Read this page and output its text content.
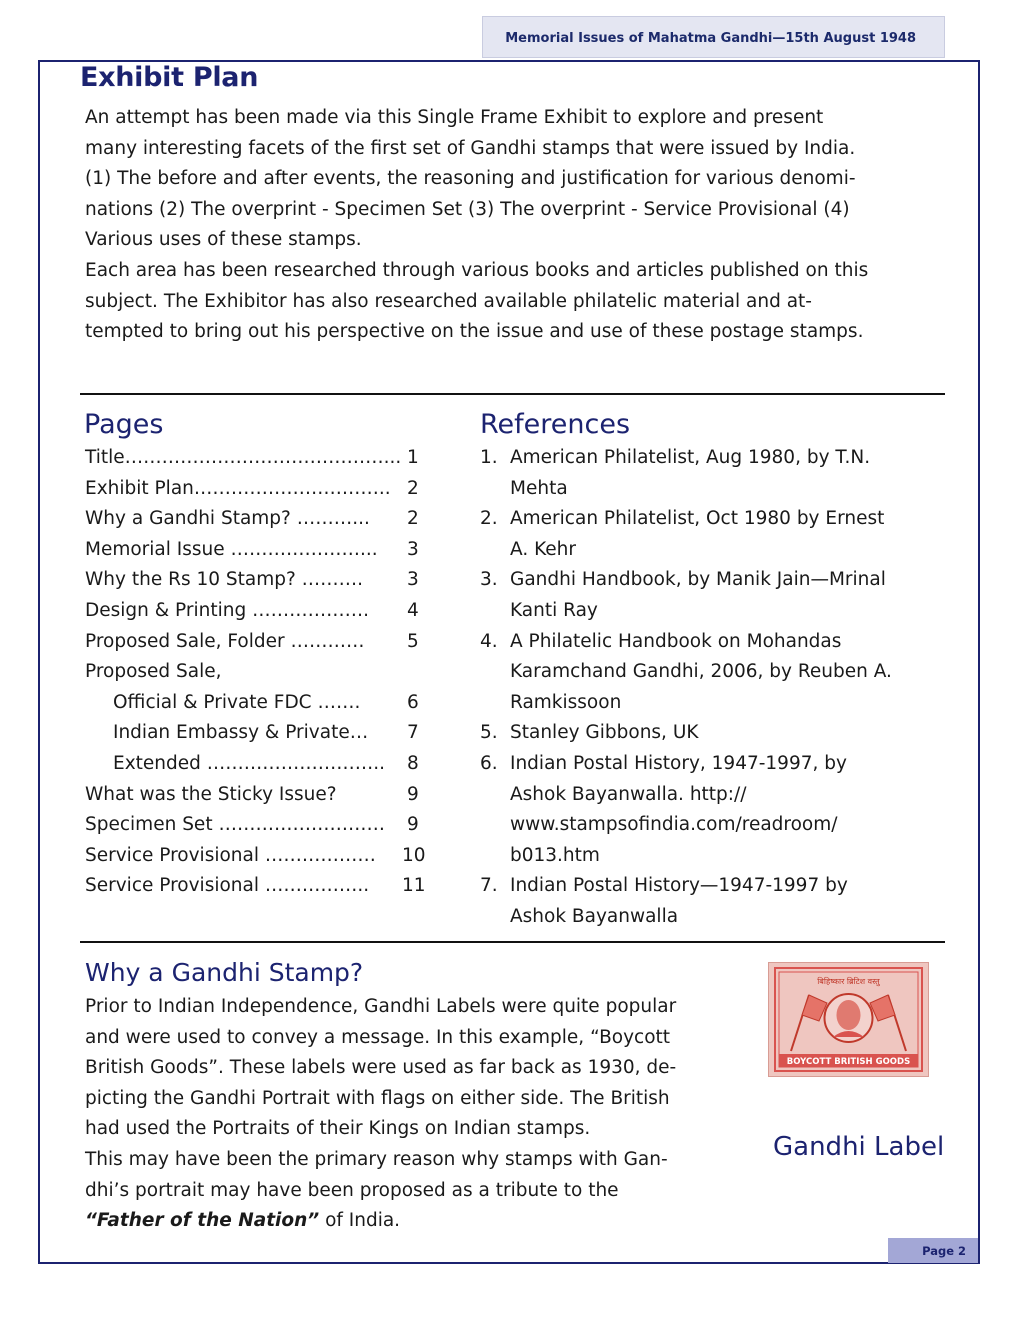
Memorial Issues of Mahatma Gandhi—15th August 1948
Exhibit Plan
An attempt has been made via this Single Frame Exhibit to explore and present
many interesting facets of the first set of Gandhi stamps that were issued by India.
(1) The before and after events, the reasoning and justification for various denomi-
nations (2) The overprint - Specimen Set (3) The overprint - Service Provisional (4)
Various uses of these stamps.
Each area has been researched through various books and articles published on this
subject. The Exhibitor has also researched available philatelic material and at-
tempted to bring out his perspective on the issue and use of these postage stamps.
Pages
Title……………………………………... 1
Exhibit Plan………………………….. 2
Why a Gandhi Stamp? ………... 2
Memorial Issue …………………... 3
Why the Rs 10 Stamp? ………. 3
Design & Printing ………………. 4
Proposed Sale, Folder ………… 5
Proposed Sale,
Official & Private FDC …….	6
Indian Embassy & Private… 7
Extended ……………………….. 8
What was the Sticky Issue?	9
Specimen Set ……………………… 9
Service Provisional ……………… 10
Service Provisional …………….. 11
References
1. American Philatelist, Aug 1980, by T.N.
Mehta
2. American Philatelist, Oct 1980 by Ernest
A. Kehr
3. Gandhi Handbook, by Manik Jain—Mrinal
Kanti Ray
4. A Philatelic Handbook on Mohandas
Karamchand Gandhi, 2006, by Reuben A.
Ramkissoon
5. Stanley Gibbons, UK
6. Indian Postal History, 1947-1997, by
Ashok Bayanwalla. http://
www.stampsofindia.com/readroom/
b013.htm
7. Indian Postal History—1947-1997 by
Ashok Bayanwalla
Why a Gandhi Stamp?
Prior to Indian Independence, Gandhi Labels were quite popular
and were used to convey a message. In this example, “Boycott
British Goods”. These labels were used as far back as 1930, de-
picting the Gandhi Portrait with flags on either side. The British
had used the Portraits of their Kings on Indian stamps.
This may have been the primary reason why stamps with Gan-
dhi’s portrait may have been proposed as a tribute to the
“Father of the Nation” of India.
बिहिष्कार ब्रिटिश वस्तु
BOYCOTT BRITISH GOODS
Gandhi Label
Page 2
